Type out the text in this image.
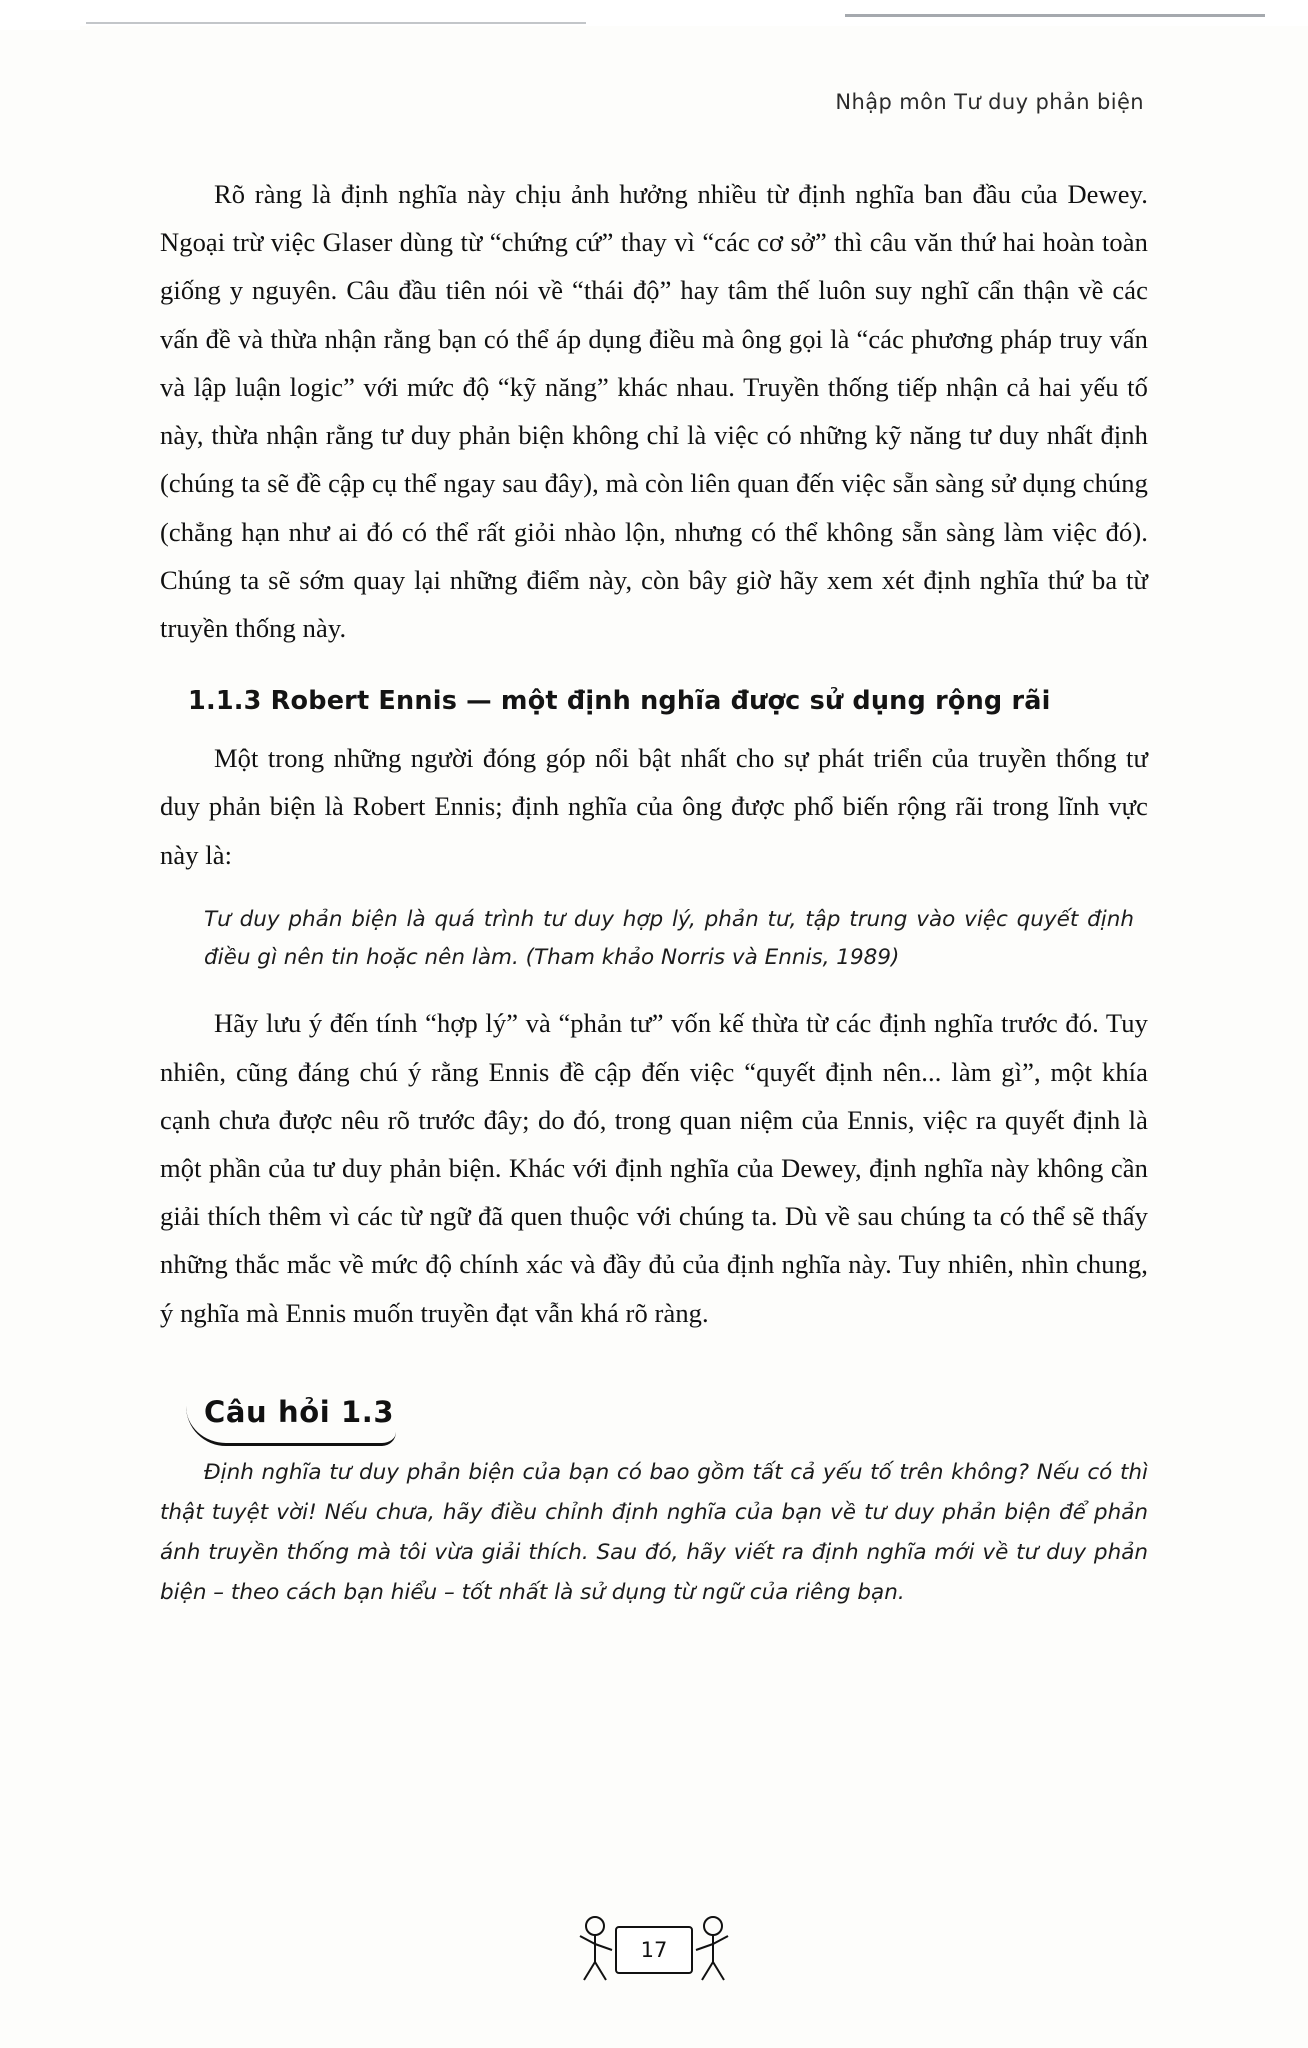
Nhập môn Tư duy phản biện

Rõ ràng là định nghĩa này chịu ảnh hưởng nhiều từ định nghĩa ban đầu của Dewey. Ngoại trừ việc Glaser dùng từ “chứng cứ” thay vì “các cơ sở” thì câu văn thứ hai hoàn toàn giống y nguyên. Câu đầu tiên nói về “thái độ” hay tâm thế luôn suy nghĩ cẩn thận về các vấn đề và thừa nhận rằng bạn có thể áp dụng điều mà ông gọi là “các phương pháp truy vấn và lập luận logic” với mức độ “kỹ năng” khác nhau. Truyền thống tiếp nhận cả hai yếu tố này, thừa nhận rằng tư duy phản biện không chỉ là việc có những kỹ năng tư duy nhất định (chúng ta sẽ đề cập cụ thể ngay sau đây), mà còn liên quan đến việc sẵn sàng sử dụng chúng (chẳng hạn như ai đó có thể rất giỏi nhào lộn, nhưng có thể không sẵn sàng làm việc đó). Chúng ta sẽ sớm quay lại những điểm này, còn bây giờ hãy xem xét định nghĩa thứ ba từ truyền thống này.

1.1.3 Robert Ennis — một định nghĩa được sử dụng rộng rãi

Một trong những người đóng góp nổi bật nhất cho sự phát triển của truyền thống tư duy phản biện là Robert Ennis; định nghĩa của ông được phổ biến rộng rãi trong lĩnh vực này là:

Tư duy phản biện là quá trình tư duy hợp lý, phản tư, tập trung vào việc quyết định điều gì nên tin hoặc nên làm. (Tham khảo Norris và Ennis, 1989)

Hãy lưu ý đến tính “hợp lý” và “phản tư” vốn kế thừa từ các định nghĩa trước đó. Tuy nhiên, cũng đáng chú ý rằng Ennis đề cập đến việc “quyết định nên... làm gì”, một khía cạnh chưa được nêu rõ trước đây; do đó, trong quan niệm của Ennis, việc ra quyết định là một phần của tư duy phản biện. Khác với định nghĩa của Dewey, định nghĩa này không cần giải thích thêm vì các từ ngữ đã quen thuộc với chúng ta. Dù về sau chúng ta có thể sẽ thấy những thắc mắc về mức độ chính xác và đầy đủ của định nghĩa này. Tuy nhiên, nhìn chung, ý nghĩa mà Ennis muốn truyền đạt vẫn khá rõ ràng.

Câu hỏi 1.3

Định nghĩa tư duy phản biện của bạn có bao gồm tất cả yếu tố trên không? Nếu có thì thật tuyệt vời! Nếu chưa, hãy điều chỉnh định nghĩa của bạn về tư duy phản biện để phản ánh truyền thống mà tôi vừa giải thích. Sau đó, hãy viết ra định nghĩa mới về tư duy phản biện – theo cách bạn hiểu – tốt nhất là sử dụng từ ngữ của riêng bạn.

17
